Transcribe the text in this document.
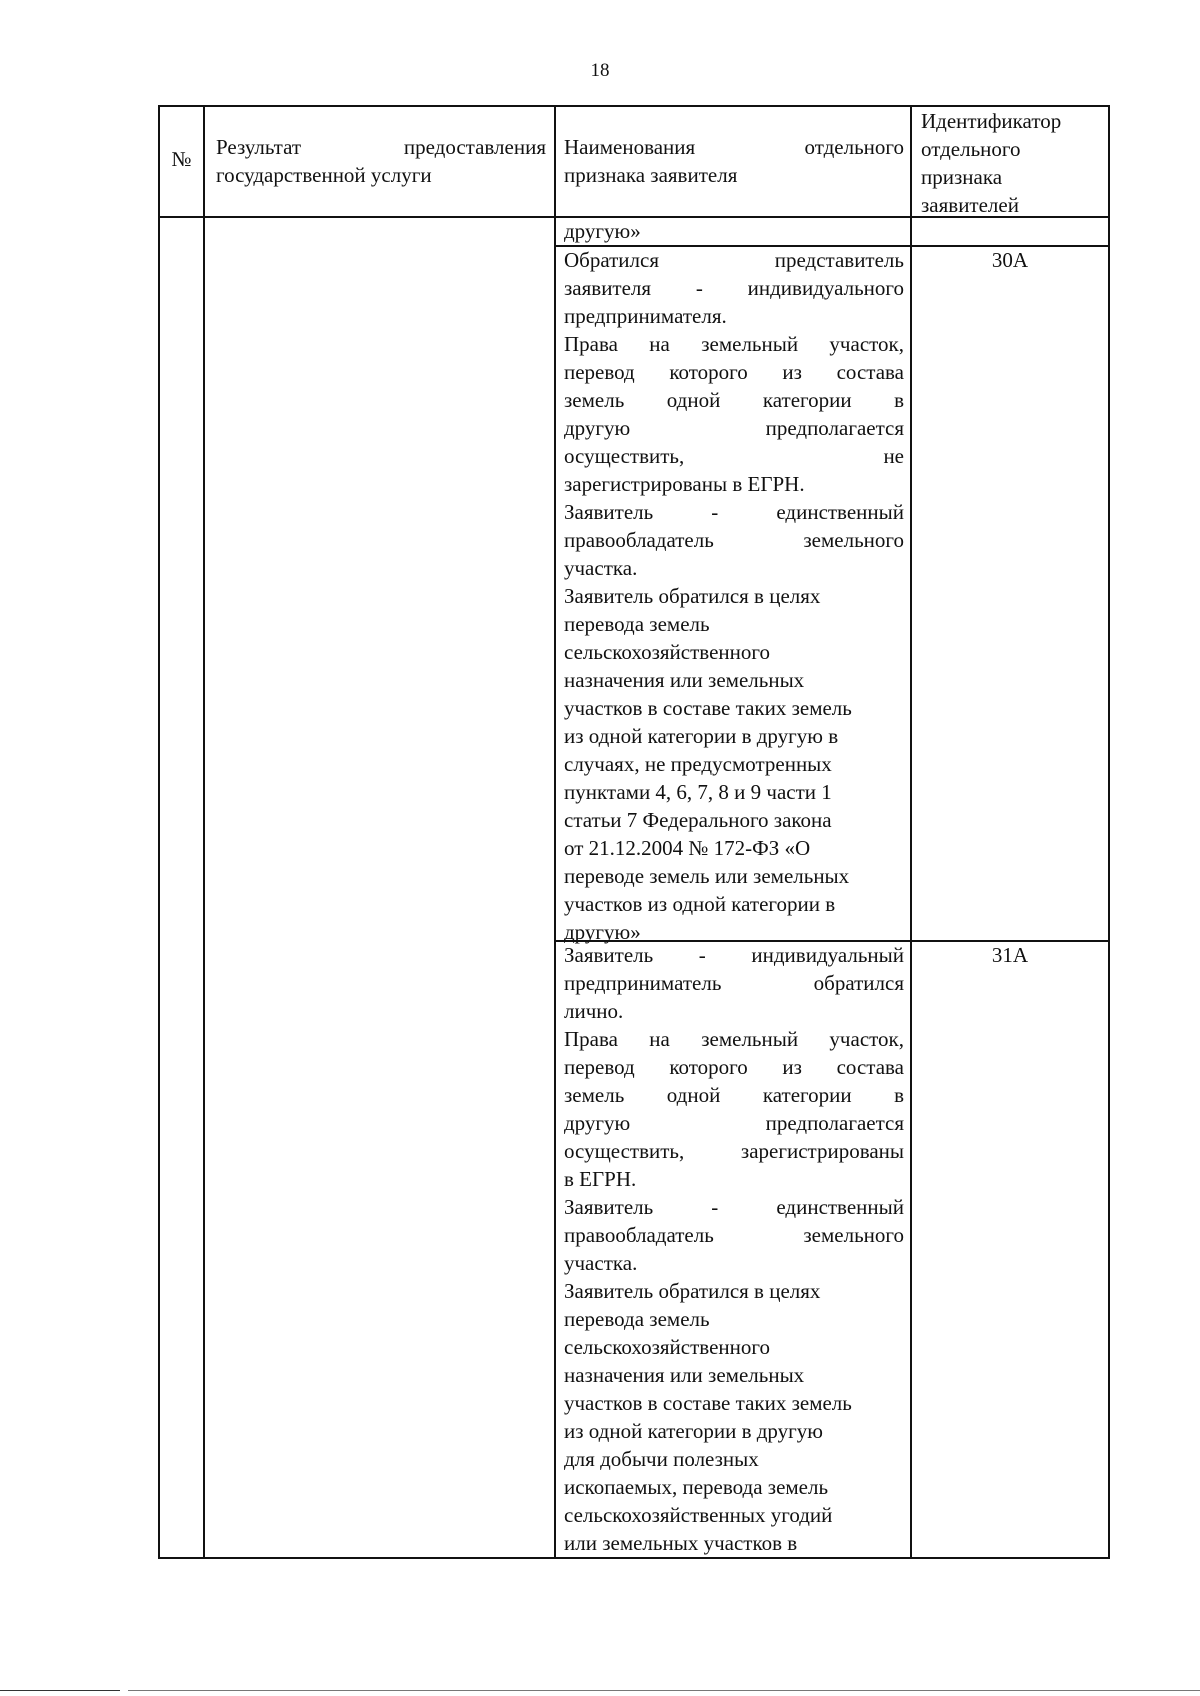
18
№	Результат предоставления
государственной услуги
Наименования отдельного
признака заявителя
Идентификатор
отдельного
признака
заявителей
другую»
Обратился представитель
заявителя - индивидуального
предпринимателя.
Права на земельный участок,
перевод которого из состава
земель одной категории в
другую предполагается
осуществить, не
зарегистрированы в ЕГРН.
Заявитель - единственный
правообладатель земельного
участка.
Заявитель обратился в целях
перевода земель
сельскохозяйственного
назначения или земельных
участков в составе таких земель
из одной категории в другую в
случаях, не предусмотренных
пунктами 4, 6, 7, 8 и 9 части 1
статьи 7 Федерального закона
от 21.12.2004 № 172-ФЗ «О
переводе земель или земельных
участков из одной категории в
другую»
30А
Заявитель - индивидуальный
предприниматель обратился
лично.
Права на земельный участок,
перевод которого из состава
земель одной категории в
другую предполагается
осуществить, зарегистрированы
в ЕГРН.
Заявитель - единственный
правообладатель земельного
участка.
Заявитель обратился в целях
перевода земель
сельскохозяйственного
назначения или земельных
участков в составе таких земель
из одной категории в другую
для добычи полезных
ископаемых, перевода земель
сельскохозяйственных угодий
или земельных участков в
31А
